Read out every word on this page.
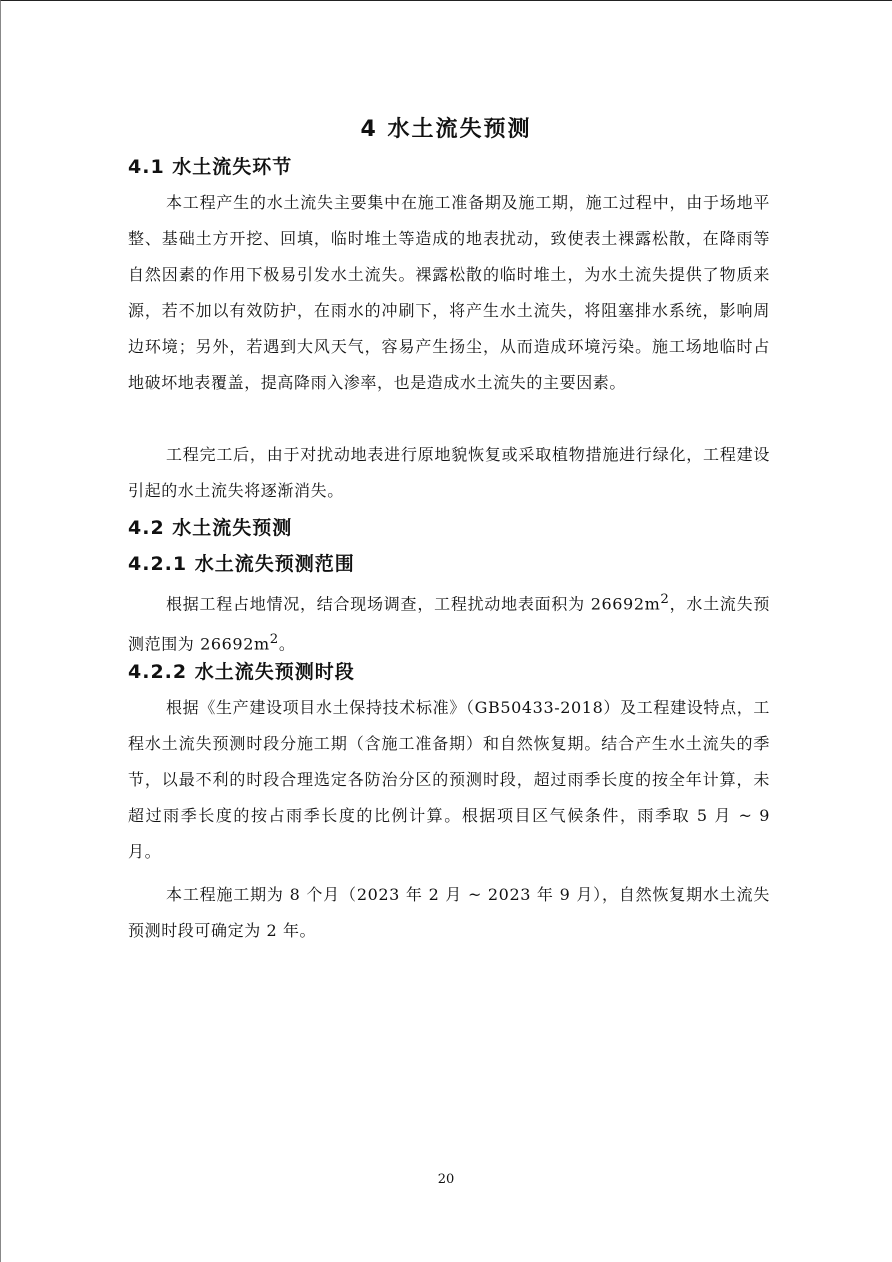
4 水土流失预测
4.1 水土流失环节

本工程产生的水土流失主要集中在施工准备期及施工期，施工过程中，由于场地平整、基础土方开挖、回填，临时堆土等造成的地表扰动，致使表土裸露松散，在降雨等自然因素的作用下极易引发水土流失。裸露松散的临时堆土，为水土流失提供了物质来源，若不加以有效防护，在雨水的冲刷下，将产生水土流失，将阻塞排水系统，影响周边环境；另外，若遇到大风天气，容易产生扬尘，从而造成环境污染。施工场地临时占地破坏地表覆盖，提高降雨入渗率，也是造成水土流失的主要因素。

工程完工后，由于对扰动地表进行原地貌恢复或采取植物措施进行绿化，工程建设引起的水土流失将逐渐消失。

4.2 水土流失预测
4.2.1 水土流失预测范围

根据工程占地情况，结合现场调查，工程扰动地表面积为 $26692m^2$，水土流失预测范围为 $26692m^2$。

4.2.2 水土流失预测时段

根据《生产建设项目水土保持技术标准》（GB50433-2018）及工程建设特点，工程水土流失预测时段分施工期（含施工准备期）和自然恢复期。结合产生水土流失的季节，以最不利的时段合理选定各防治分区的预测时段，超过雨季长度的按全年计算，未超过雨季长度的按占雨季长度的比例计算。根据项目区气候条件，雨季取 5 月 ~ 9 月。

本工程施工期为 8 个月（2023 年 2 月 ~ 2023 年 9 月），自然恢复期水土流失预测时段可确定为 2 年。

20
